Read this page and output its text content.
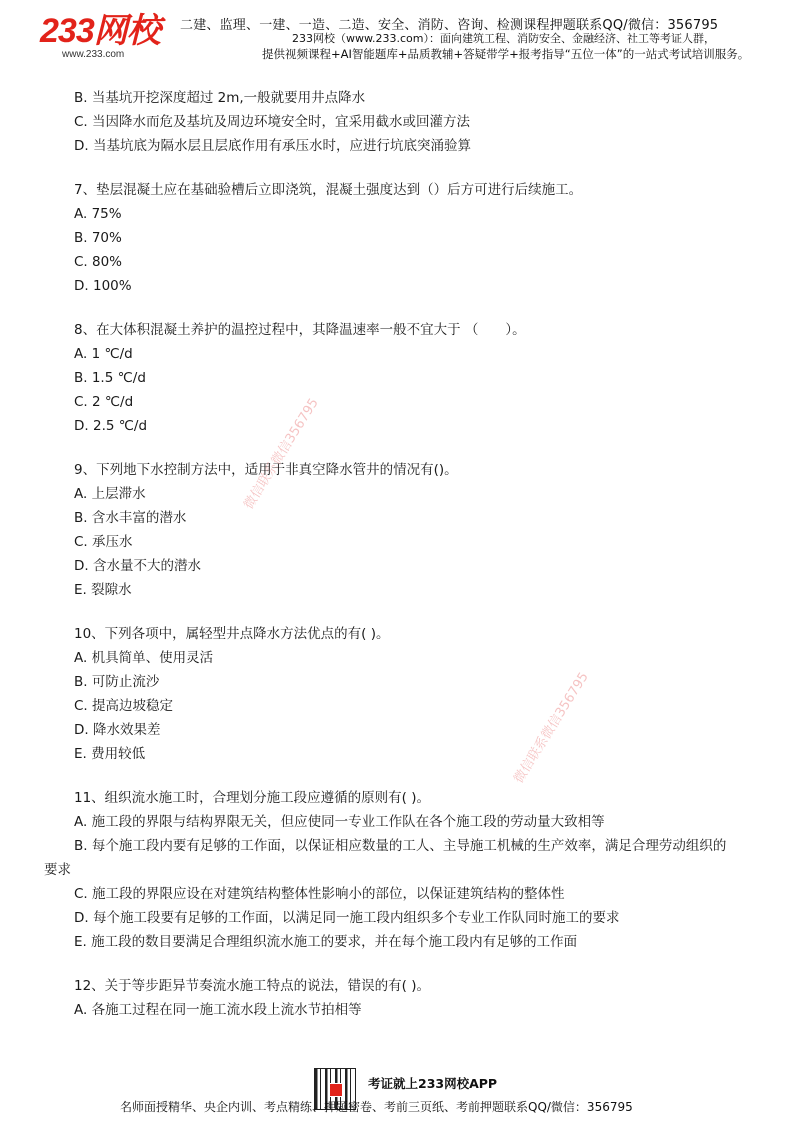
233网校
www.233.com
二建、监理、一建、一造、二造、安全、消防、咨询、检测课程押题联系QQ/微信：356795
233网校（www.233.com）：面向建筑工程、消防安全、金融经济、社工等考证人群，
提供视频课程+AI智能题库+品质教辅+答疑带学+报考指导“五位一体”的一站式考试培训服务。
微信联系微信356795
微信联系微信356795
B. 当基坑开挖深度超过 2m,一般就要用井点降水
C. 当因降水而危及基坑及周边环境安全时，宜采用截水或回灌方法
D. 当基坑底为隔水层且层底作用有承压水时，应进行坑底突涌验算
7、垫层混凝土应在基础验槽后立即浇筑，混凝土强度达到（）后方可进行后续施工。
A. 75%
B. 70%
C. 80%
D. 100%
8、在大体积混凝土养护的温控过程中，其降温速率一般不宜大于 （　　）。
A. 1 ℃/d
B. 1.5 ℃/d
C. 2 ℃/d
D. 2.5 ℃/d
9、下列地下水控制方法中，适用于非真空降水管井的情况有()。
A. 上层滞水
B. 含水丰富的潜水
C. 承压水
D. 含水量不大的潜水
E. 裂隙水
10、下列各项中，属轻型井点降水方法优点的有( )。
A. 机具简单、使用灵活
B. 可防止流沙
C. 提高边坡稳定
D. 降水效果差
E. 费用较低
11、组织流水施工时，合理划分施工段应遵循的原则有( )。
A. 施工段的界限与结构界限无关，但应使同一专业工作队在各个施工段的劳动量大致相等
B. 每个施工段内要有足够的工作面，以保证相应数量的工人、主导施工机械的生产效率，满足合理劳动组织的
要求
C. 施工段的界限应设在对建筑结构整体性影响小的部位，以保证建筑结构的整体性
D. 每个施工段要有足够的工作面，以满足同一施工段内组织多个专业工作队同时施工的要求
E. 施工段的数目要满足合理组织流水施工的要求，并在每个施工段内有足够的工作面
12、关于等步距异节奏流水施工特点的说法，错误的有( )。
A. 各施工过程在同一施工流水段上流水节拍相等
考证就上233网校APP
名师面授精华、央企内训、考点精练、押题密卷、考前三页纸、考前押题联系QQ/微信：356795
